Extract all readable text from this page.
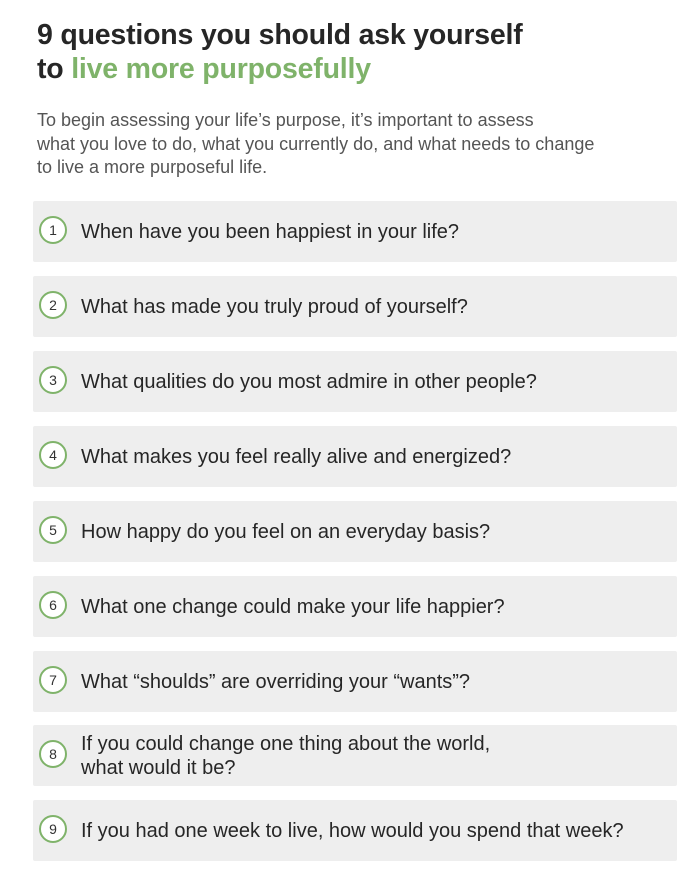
9 questions you should ask yourself
to live more purposefully

To begin assessing your life’s purpose, it’s important to assess
what you love to do, what you currently do, and what needs to change
to live a more purposeful life.

1	When have you been happiest in your life?
2	What has made you truly proud of yourself?
3	What qualities do you most admire in other people?
4	What makes you feel really alive and energized?
5	How happy do you feel on an everyday basis?
6	What one change could make your life happier?
7	What “shoulds” are overriding your “wants”?
8	If you could change one thing about the world,
what would it be?
9	If you had one week to live, how would you spend that week?
